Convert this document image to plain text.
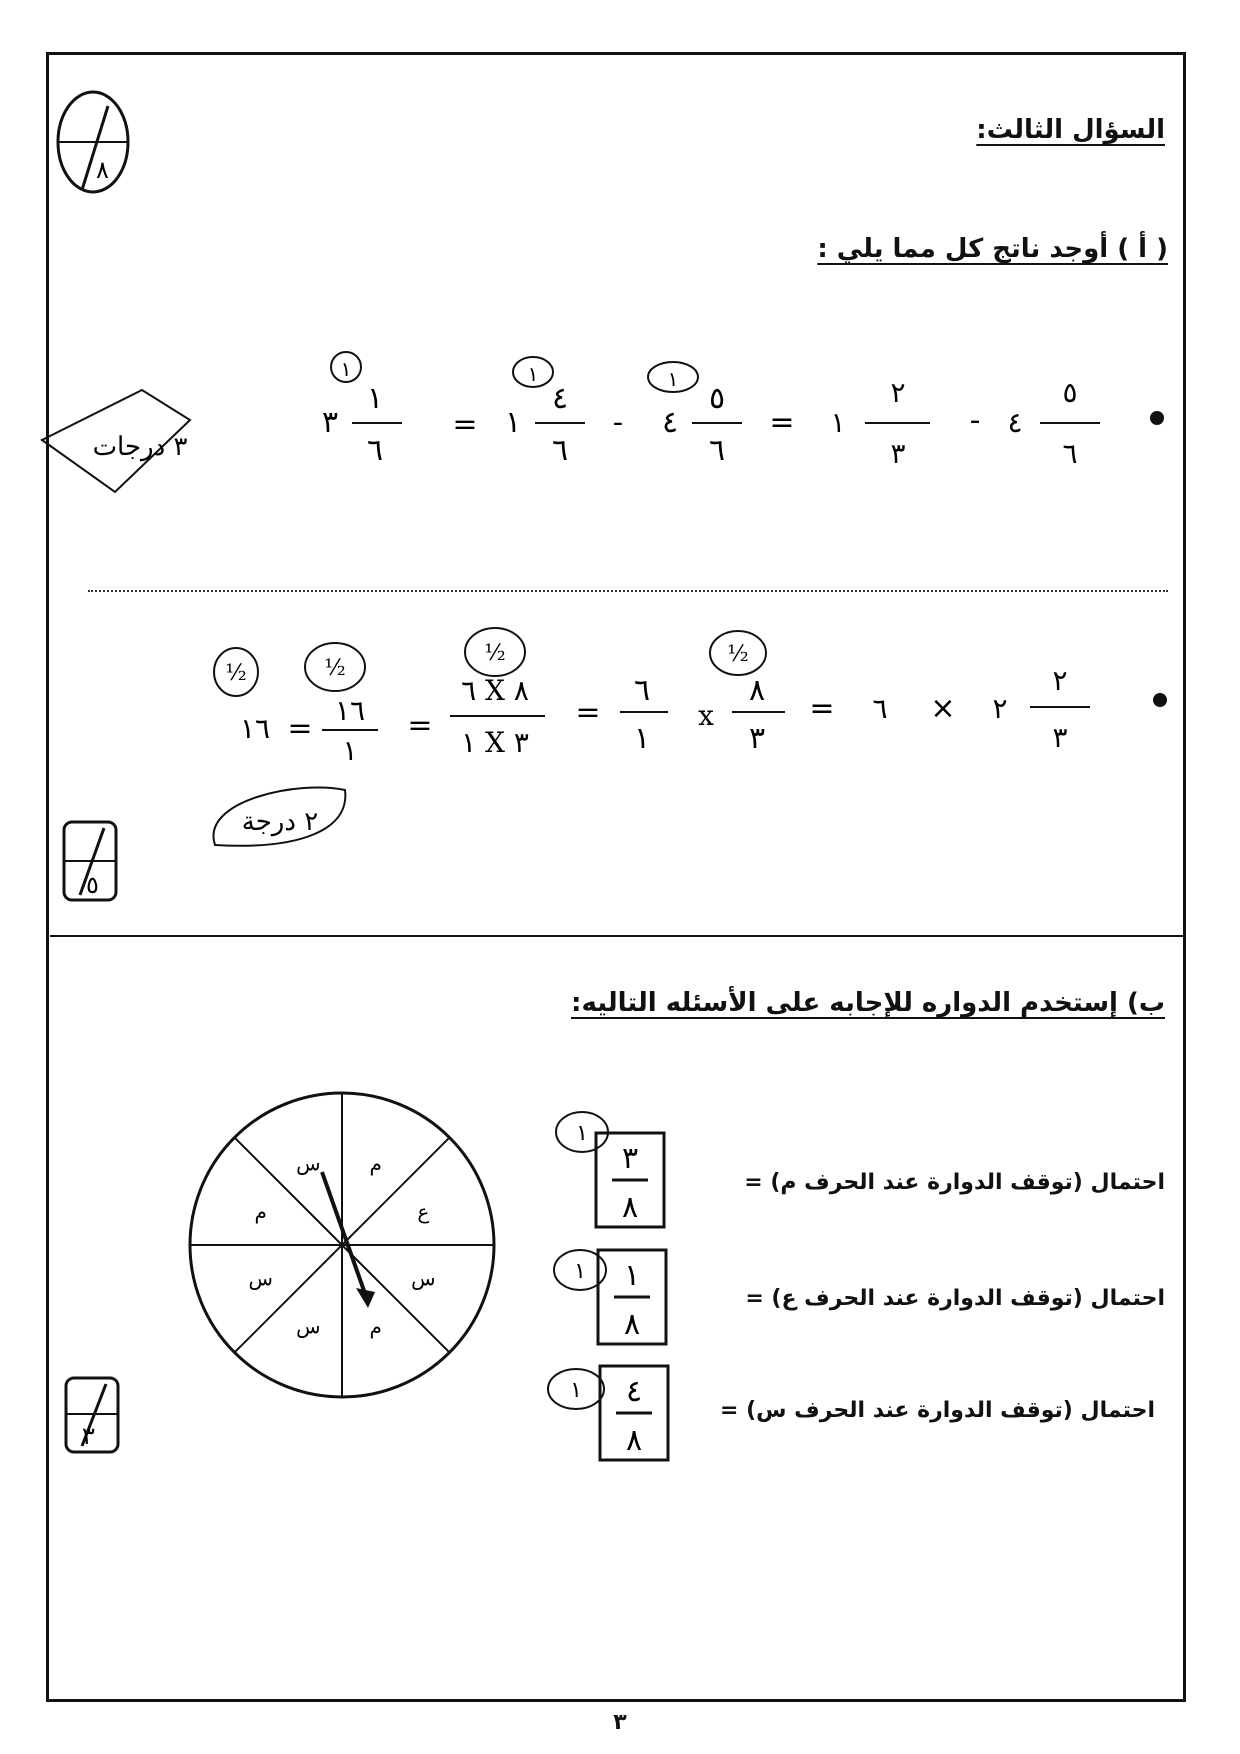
السؤال الثالث:
( أ ) أوجد ناتج كل مما يلي :
ب) إستخدم الدواره للإجابه على الأسئله التاليه:
٨
٥
٣
٥
٦
٤
-
٢
٣
١
=
٥
٦
٤
-
٤
٦
١
=
١
٦
٣
١	١	١
٣ درجات
٢
٣
٢
×
٦
=
٨
٣
x
٦
١
=
٦ X ٨
١ X ٣
=
١٦
١
=
١٦
½	½
½	½
٢ درجة
م
ع
س
م
س
س
م
س	٣
٨
١
٨
٤
٨
١
١
١
احتمال (توقف الدوارة عند الحرف م) =
احتمال (توقف الدوارة عند الحرف ع) =
احتمال (توقف الدوارة عند الحرف س) =
٣
